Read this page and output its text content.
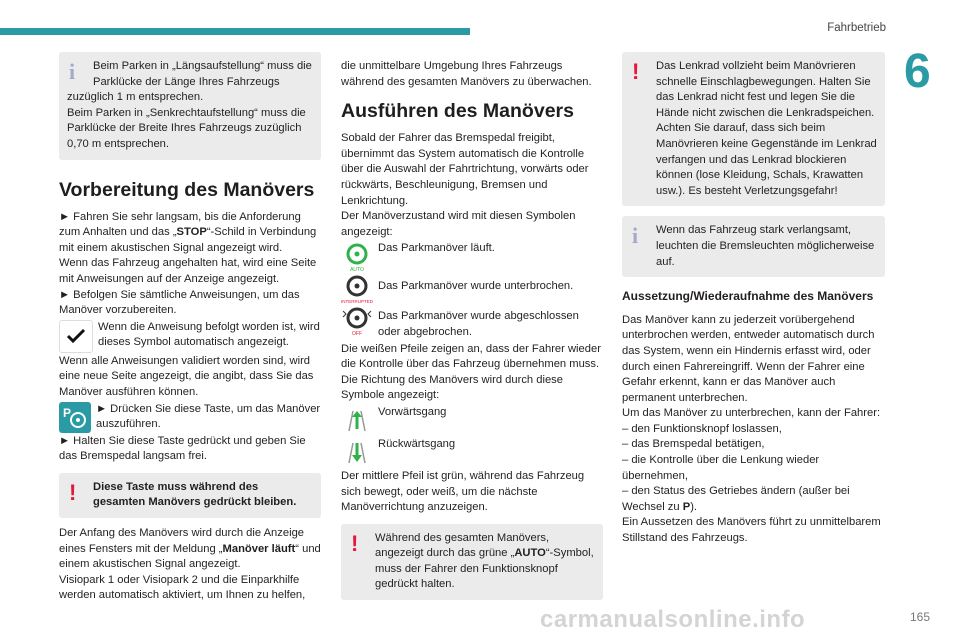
Fahrbetrieb
6
i	Beim Parken in „Längsaufstellung“ muss die

Parklücke der Länge Ihres Fahrzeugs

zuzüglich 1 m entsprechen.

Beim Parken in „Senkrechtaufstellung“ muss die

Parklücke der Breite Ihres Fahrzeugs zuzüglich

0,70 m entsprechen.

Vorbereitung des Manövers

► Fahren Sie sehr langsam, bis die Anforderung zum Anhalten und das „STOP“-Schild in Verbindung mit einem akustischen Signal angezeigt wird.

Wenn das Fahrzeug angehalten hat, wird eine Seite mit Anweisungen auf der Anzeige angezeigt.

► Befolgen Sie sämtliche Anweisungen, um das Manöver vorzubereiten.

Wenn die Anweisung befolgt worden ist, wird dieses Symbol automatisch angezeigt.

Wenn alle Anweisungen validiert worden sind, wird eine neue Seite angezeigt, die angibt, dass Sie das Manöver ausführen können.

P ► Drücken Sie diese Taste, um das Manöver auszuführen.

► Halten Sie diese Taste gedrückt und geben Sie das Bremspedal langsam frei.

!	Diese Taste muss während des gesamten Manövers gedrückt bleiben.

Der Anfang des Manövers wird durch die Anzeige eines Fensters mit der Meldung „Manöver läuft“ und einem akustischen Signal angezeigt.

Visiopark 1 oder Visiopark 2 und die Einparkhilfe werden automatisch aktiviert, um Ihnen zu helfen,

die unmittelbare Umgebung Ihres Fahrzeugs während des gesamten Manövers zu überwachen.

Ausführen des Manövers

Sobald der Fahrer das Bremspedal freigibt, übernimmt das System automatisch die Kontrolle über die Auswahl der Fahrtrichtung, vorwärts oder rückwärts, Beschleunigung, Bremsen und Lenkrichtung.

Der Manöverzustand wird mit diesen Symbolen angezeigt:

AUTO

Das Parkmanöver läuft.

INTERRUPTED

Das Parkmanöver wurde unterbrochen.

OFF

Das Parkmanöver wurde abgeschlossen oder abgebrochen.

Die weißen Pfeile zeigen an, dass der Fahrer wieder die Kontrolle über das Fahrzeug übernehmen muss.

Die Richtung des Manövers wird durch diese Symbole angezeigt:

Vorwärtsgang

Rückwärtsgang

Der mittlere Pfeil ist grün, während das Fahrzeug sich bewegt, oder weiß, um die nächste Manöverrichtung anzuzeigen.

!	Während des gesamten Manövers, angezeigt durch das grüne „AUTO“-Symbol, muss der Fahrer den Funktionsknopf gedrückt halten.

!	Das Lenkrad vollzieht beim Manövrieren schnelle Einschlagbewegungen. Halten Sie das Lenkrad nicht fest und legen Sie die Hände nicht zwischen die Lenkradspeichen. Achten Sie darauf, dass sich beim Manövrieren keine Gegenstände im Lenkrad verfangen und das Lenkrad blockieren können (lose Kleidung, Schals, Krawatten usw.). Es besteht Verletzungsgefahr!

i	Wenn das Fahrzeug stark verlangsamt, leuchten die Bremsleuchten möglicherweise auf.

Aussetzung/Wiederaufnahme des Manövers

Das Manöver kann zu jederzeit vorübergehend unterbrochen werden, entweder automatisch durch das System, wenn ein Hindernis erfasst wird, oder durch einen Fahrereingriff. Wenn der Fahrer eine Gefahr erkennt, kann er das Manöver auch permanent unterbrechen.

Um das Manöver zu unterbrechen, kann der Fahrer:

– den Funktionsknopf loslassen,

– das Bremspedal betätigen,

– die Kontrolle über die Lenkung wieder übernehmen,

– den Status des Getriebes ändern (außer bei Wechsel zu P).

Ein Aussetzen des Manövers führt zu unmittelbarem Stillstand des Fahrzeugs.

carmanualsonline.info	165
